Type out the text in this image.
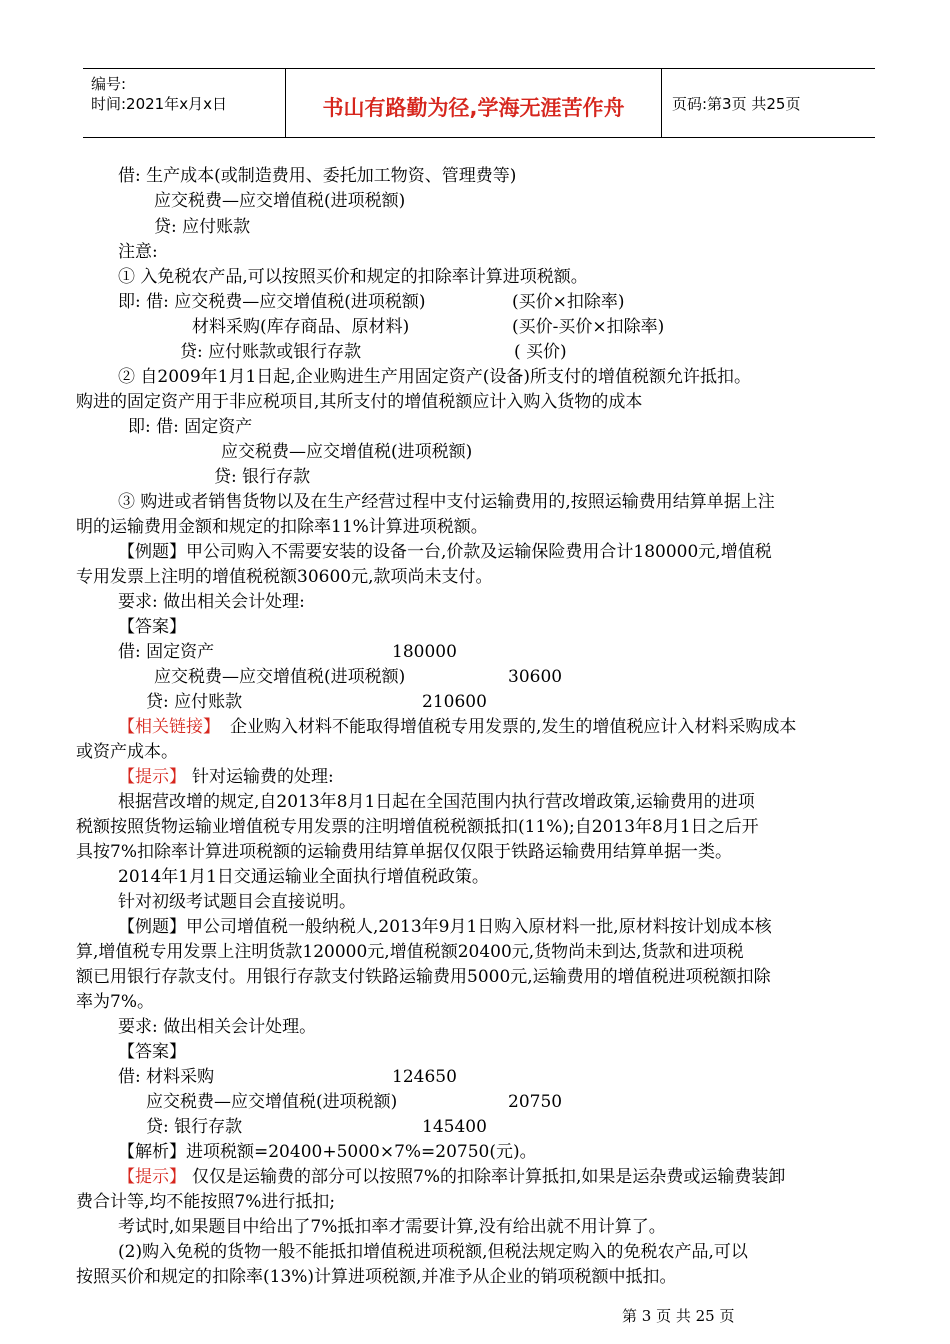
编号:
时间:2021年x月x日	书山有路勤为径,学海无涯苦作舟	页码:第3页 共25页
借: 生产成本(或制造费用、委托加工物资、管理费等)
应交税费—应交增值税(进项税额)
贷: 应付账款
注意:
① 入免税农产品,可以按照买价和规定的扣除率计算进项税额。
即: 借: 应交税费—应交增值税(进项税额)	(买价×扣除率)
材料采购(库存商品、原材料)	(买价-买价×扣除率)
贷: 应付账款或银行存款	( 买价)
② 自2009年1月1日起,企业购进生产用固定资产(设备)所支付的增值税额允许抵扣。
购进的固定资产用于非应税项目,其所支付的增值税额应计入购入货物的成本
即: 借: 固定资产
应交税费—应交增值税(进项税额)
贷: 银行存款
③ 购进或者销售货物以及在生产经营过程中支付运输费用的,按照运输费用结算单据上注
明的运输费用金额和规定的扣除率11%计算进项税额。
【例题】甲公司购入不需要安装的设备一台,价款及运输保险费用合计180000元,增值税
专用发票上注明的增值税税额30600元,款项尚未支付。
要求: 做出相关会计处理:
【答案】
借: 固定资产	180000
应交税费—应交增值税(进项税额)	30600
贷: 应付账款	210600
【相关链接】 企业购入材料不能取得增值税专用发票的,发生的增值税应计入材料采购成本
或资产成本。
【提示】 针对运输费的处理:
根据营改增的规定,自2013年8月1日起在全国范围内执行营改增政策,运输费用的进项
税额按照货物运输业增值税专用发票的注明增值税税额抵扣(11%);自2013年8月1日之后开
具按7%扣除率计算进项税额的运输费用结算单据仅仅限于铁路运输费用结算单据一类。
2014年1月1日交通运输业全面执行增值税政策。
针对初级考试题目会直接说明。
【例题】甲公司增值税一般纳税人,2013年9月1日购入原材料一批,原材料按计划成本核
算,增值税专用发票上注明货款120000元,增值税额20400元,货物尚未到达,货款和进项税
额已用银行存款支付。用银行存款支付铁路运输费用5000元,运输费用的增值税进项税额扣除
率为7%。
要求: 做出相关会计处理。
【答案】
借: 材料采购	124650
应交税费—应交增值税(进项税额)	20750
贷: 银行存款	145400
【解析】进项税额=20400+5000×7%=20750(元)。
【提示】 仅仅是运输费的部分可以按照7%的扣除率计算抵扣,如果是运杂费或运输费装卸
费合计等,均不能按照7%进行抵扣;
考试时,如果题目中给出了7%抵扣率才需要计算,没有给出就不用计算了。
(2)购入免税的货物一般不能抵扣增值税进项税额,但税法规定购入的免税农产品,可以
按照买价和规定的扣除率(13%)计算进项税额,并准予从企业的销项税额中抵扣。
第 3 页 共 25 页
